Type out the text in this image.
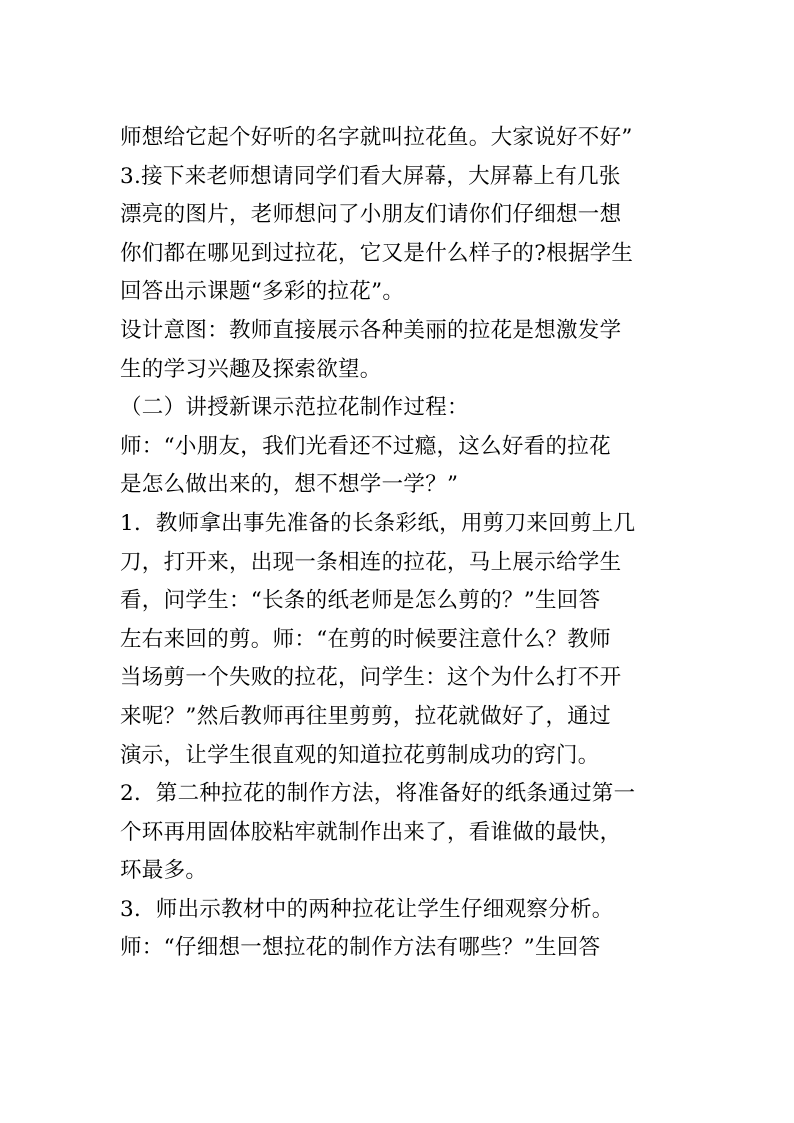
师想给它起个好听的名字就叫拉花鱼。大家说好不好”
3.接下来老师想请同学们看大屏幕，大屏幕上有几张
漂亮的图片，老师想问了小朋友们请你们仔细想一想
你们都在哪见到过拉花，它又是什么样子的?根据学生
回答出示课题“多彩的拉花”。
设计意图：教师直接展示各种美丽的拉花是想激发学
生的学习兴趣及探索欲望。
（二）讲授新课示范拉花制作过程：
师：“小朋友，我们光看还不过瘾，这么好看的拉花
是怎么做出来的，想不想学一学？”
1．教师拿出事先准备的长条彩纸，用剪刀来回剪上几
刀，打开来，出现一条相连的拉花，马上展示给学生
看，问学生：“长条的纸老师是怎么剪的？”生回答
左右来回的剪。师：“在剪的时候要注意什么？教师
当场剪一个失败的拉花，问学生：这个为什么打不开
来呢？”然后教师再往里剪剪，拉花就做好了，通过
演示，让学生很直观的知道拉花剪制成功的窍门。
2．第二种拉花的制作方法，将准备好的纸条通过第一
个环再用固体胶粘牢就制作出来了，看谁做的最快，
环最多。
3．师出示教材中的两种拉花让学生仔细观察分析。
师：“仔细想一想拉花的制作方法有哪些？”生回答
